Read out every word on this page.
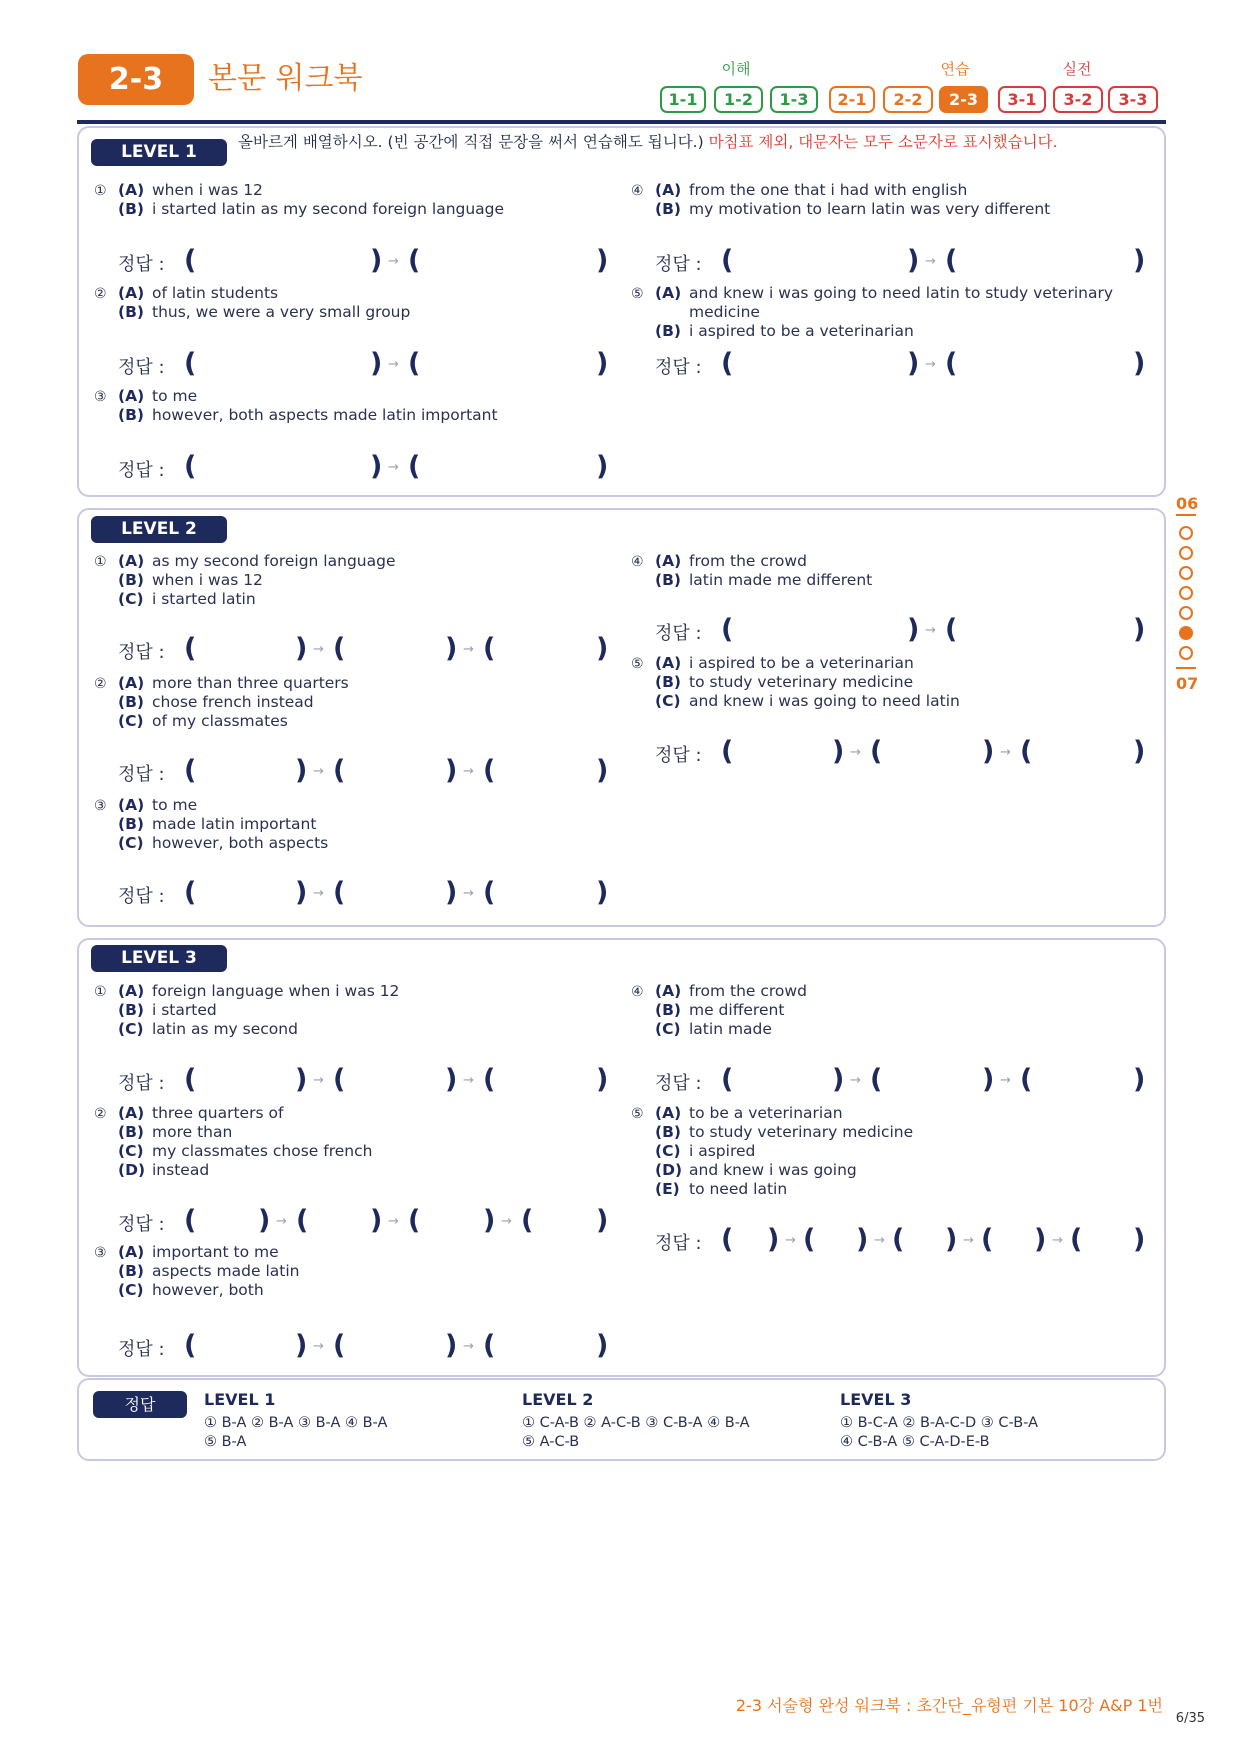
2-3	본문 워크북	이해	연습	실전
1-1	1-2	1-3	2-1	2-2	2-3	3-1	3-2	3-3
LEVEL 1	올바르게 배열하시오. (빈 공간에 직접 문장을 써서 연습해도 됩니다.) 마침표 제외, 대문자는 모두 소문자로 표시했습니다.
① (A) when i was 12
(B) i started latin as my second foreign language
정답 : (	) → (	)
② (A) of latin students
(B) thus, we were a very small group
정답 : (	) → (	)
③ (A) to me
(B) however, both aspects made latin important
정답 : (	) → (	)
④ (A) from the one that i had with english
(B) my motivation to learn latin was very different
정답 : (	) → (	)
⑤ (A) and knew i was going to need latin to study veterinary medicine
(B) i aspired to be a veterinarian
정답 : (	) → (	)
LEVEL 2
① (A) as my second foreign language
(B) when i was 12
(C) i started latin
정답 : (	) → (	) → (	)
② (A) more than three quarters
(B) chose french instead
(C) of my classmates
정답 : (	) → (	) → (	)
③ (A) to me
(B) made latin important
(C) however, both aspects
정답 : (	) → (	) → (	)
④ (A) from the crowd
(B) latin made me different
정답 : (	) → (	)
⑤ (A) i aspired to be a veterinarian
(B) to study veterinary medicine
(C) and knew i was going to need latin
정답 : (	) → (	) → (	)
LEVEL 3
① (A) foreign language when i was 12
(B) i started
(C) latin as my second
정답 : (	) → (	) → (	)
② (A) three quarters of
(B) more than
(C) my classmates chose french
(D) instead
정답 : ( ) → ( ) → ( ) → ( )
③ (A) important to me
(B) aspects made latin
(C) however, both
정답 : (	) → (	) → (	)
④ (A) from the crowd
(B) me different
(C) latin made
정답 : (	) → (	) → (	)
⑤ (A) to be a veterinarian
(B) to study veterinary medicine
(C) i aspired
(D) and knew i was going
(E) to need latin
정답 : ( ) → ( ) → ( ) → ( ) → ( )
06
07
정답	LEVEL 1
① B-A ② B-A ③ B-A ④ B-A
⑤ B-A
LEVEL 2
① C-A-B ② A-C-B ③ C-B-A ④ B-A
⑤ A-C-B
LEVEL 3
① B-C-A ② B-A-C-D ③ C-B-A
④ C-B-A ⑤ C-A-D-E-B
2-3 서술형 완성 워크북 : 초간단_유형편 기본 10강 A&P 1번
6/35
